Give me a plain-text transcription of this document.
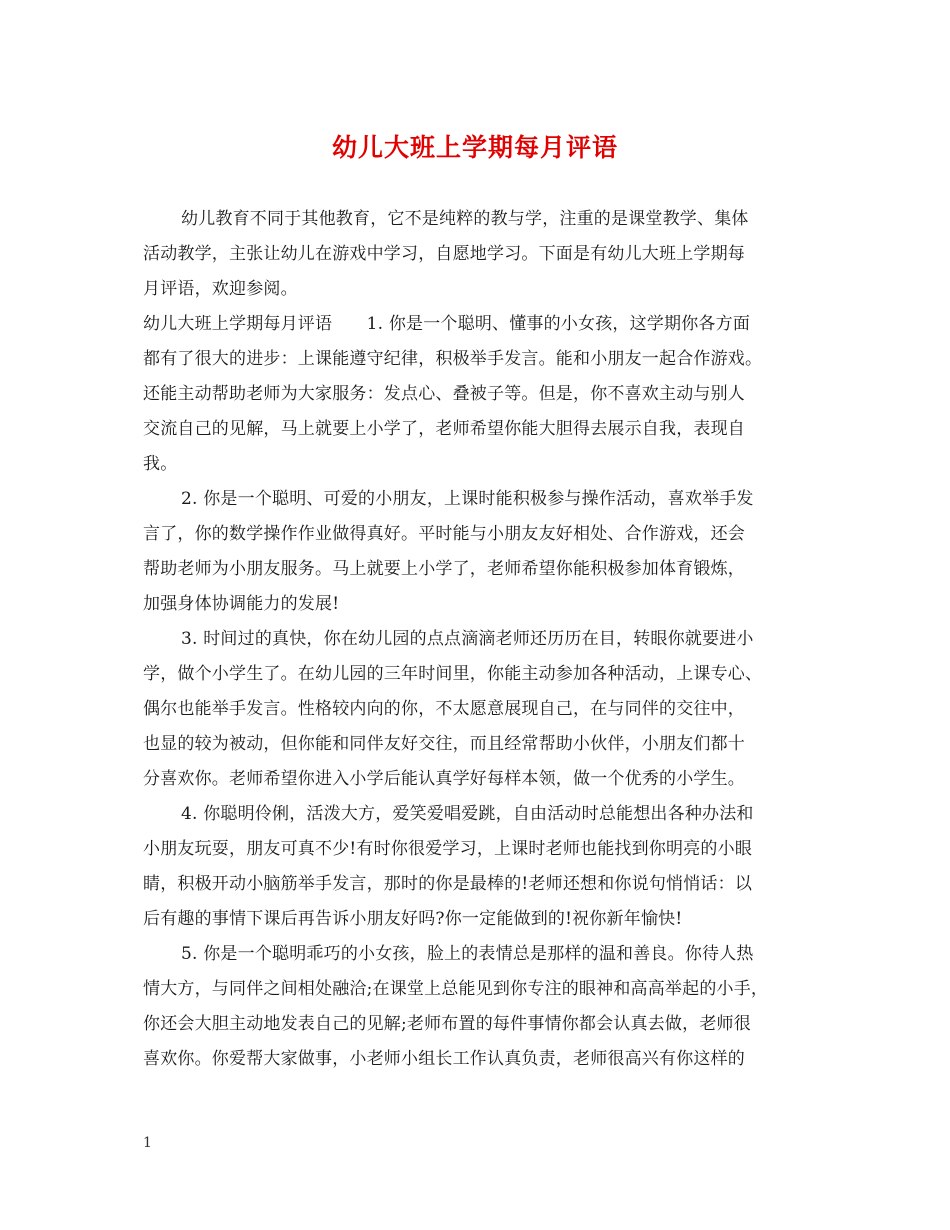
幼儿大班上学期每月评语
幼儿教育不同于其他教育，它不是纯粹的教与学，注重的是课堂教学、集体
活动教学，主张让幼儿在游戏中学习，自愿地学习。下面是有幼儿大班上学期每
月评语，欢迎参阅。
幼儿大班上学期每月评语　　1. 你是一个聪明、懂事的小女孩，这学期你各方面
都有了很大的进步：上课能遵守纪律，积极举手发言。能和小朋友一起合作游戏。
还能主动帮助老师为大家服务：发点心、叠被子等。但是，你不喜欢主动与别人
交流自己的见解，马上就要上小学了，老师希望你能大胆得去展示自我，表现自
我。
2. 你是一个聪明、可爱的小朋友，上课时能积极参与操作活动，喜欢举手发
言了，你的数学操作作业做得真好。平时能与小朋友友好相处、合作游戏，还会
帮助老师为小朋友服务。马上就要上小学了，老师希望你能积极参加体育锻炼，
加强身体协调能力的发展!
3. 时间过的真快，你在幼儿园的点点滴滴老师还历历在目，转眼你就要进小
学，做个小学生了。在幼儿园的三年时间里，你能主动参加各种活动，上课专心、
偶尔也能举手发言。性格较内向的你，不太愿意展现自己，在与同伴的交往中，
也显的较为被动，但你能和同伴友好交往，而且经常帮助小伙伴，小朋友们都十
分喜欢你。老师希望你进入小学后能认真学好每样本领，做一个优秀的小学生。
4. 你聪明伶俐，活泼大方，爱笑爱唱爱跳，自由活动时总能想出各种办法和
小朋友玩耍，朋友可真不少!有时你很爱学习，上课时老师也能找到你明亮的小眼
睛，积极开动小脑筋举手发言，那时的你是最棒的!老师还想和你说句悄悄话：以
后有趣的事情下课后再告诉小朋友好吗?你一定能做到的!祝你新年愉快!
5. 你是一个聪明乖巧的小女孩，脸上的表情总是那样的温和善良。你待人热
情大方，与同伴之间相处融洽;在课堂上总能见到你专注的眼神和高高举起的小手，
你还会大胆主动地发表自己的见解;老师布置的每件事情你都会认真去做，老师很
喜欢你。你爱帮大家做事，小老师小组长工作认真负责，老师很高兴有你这样的
1
